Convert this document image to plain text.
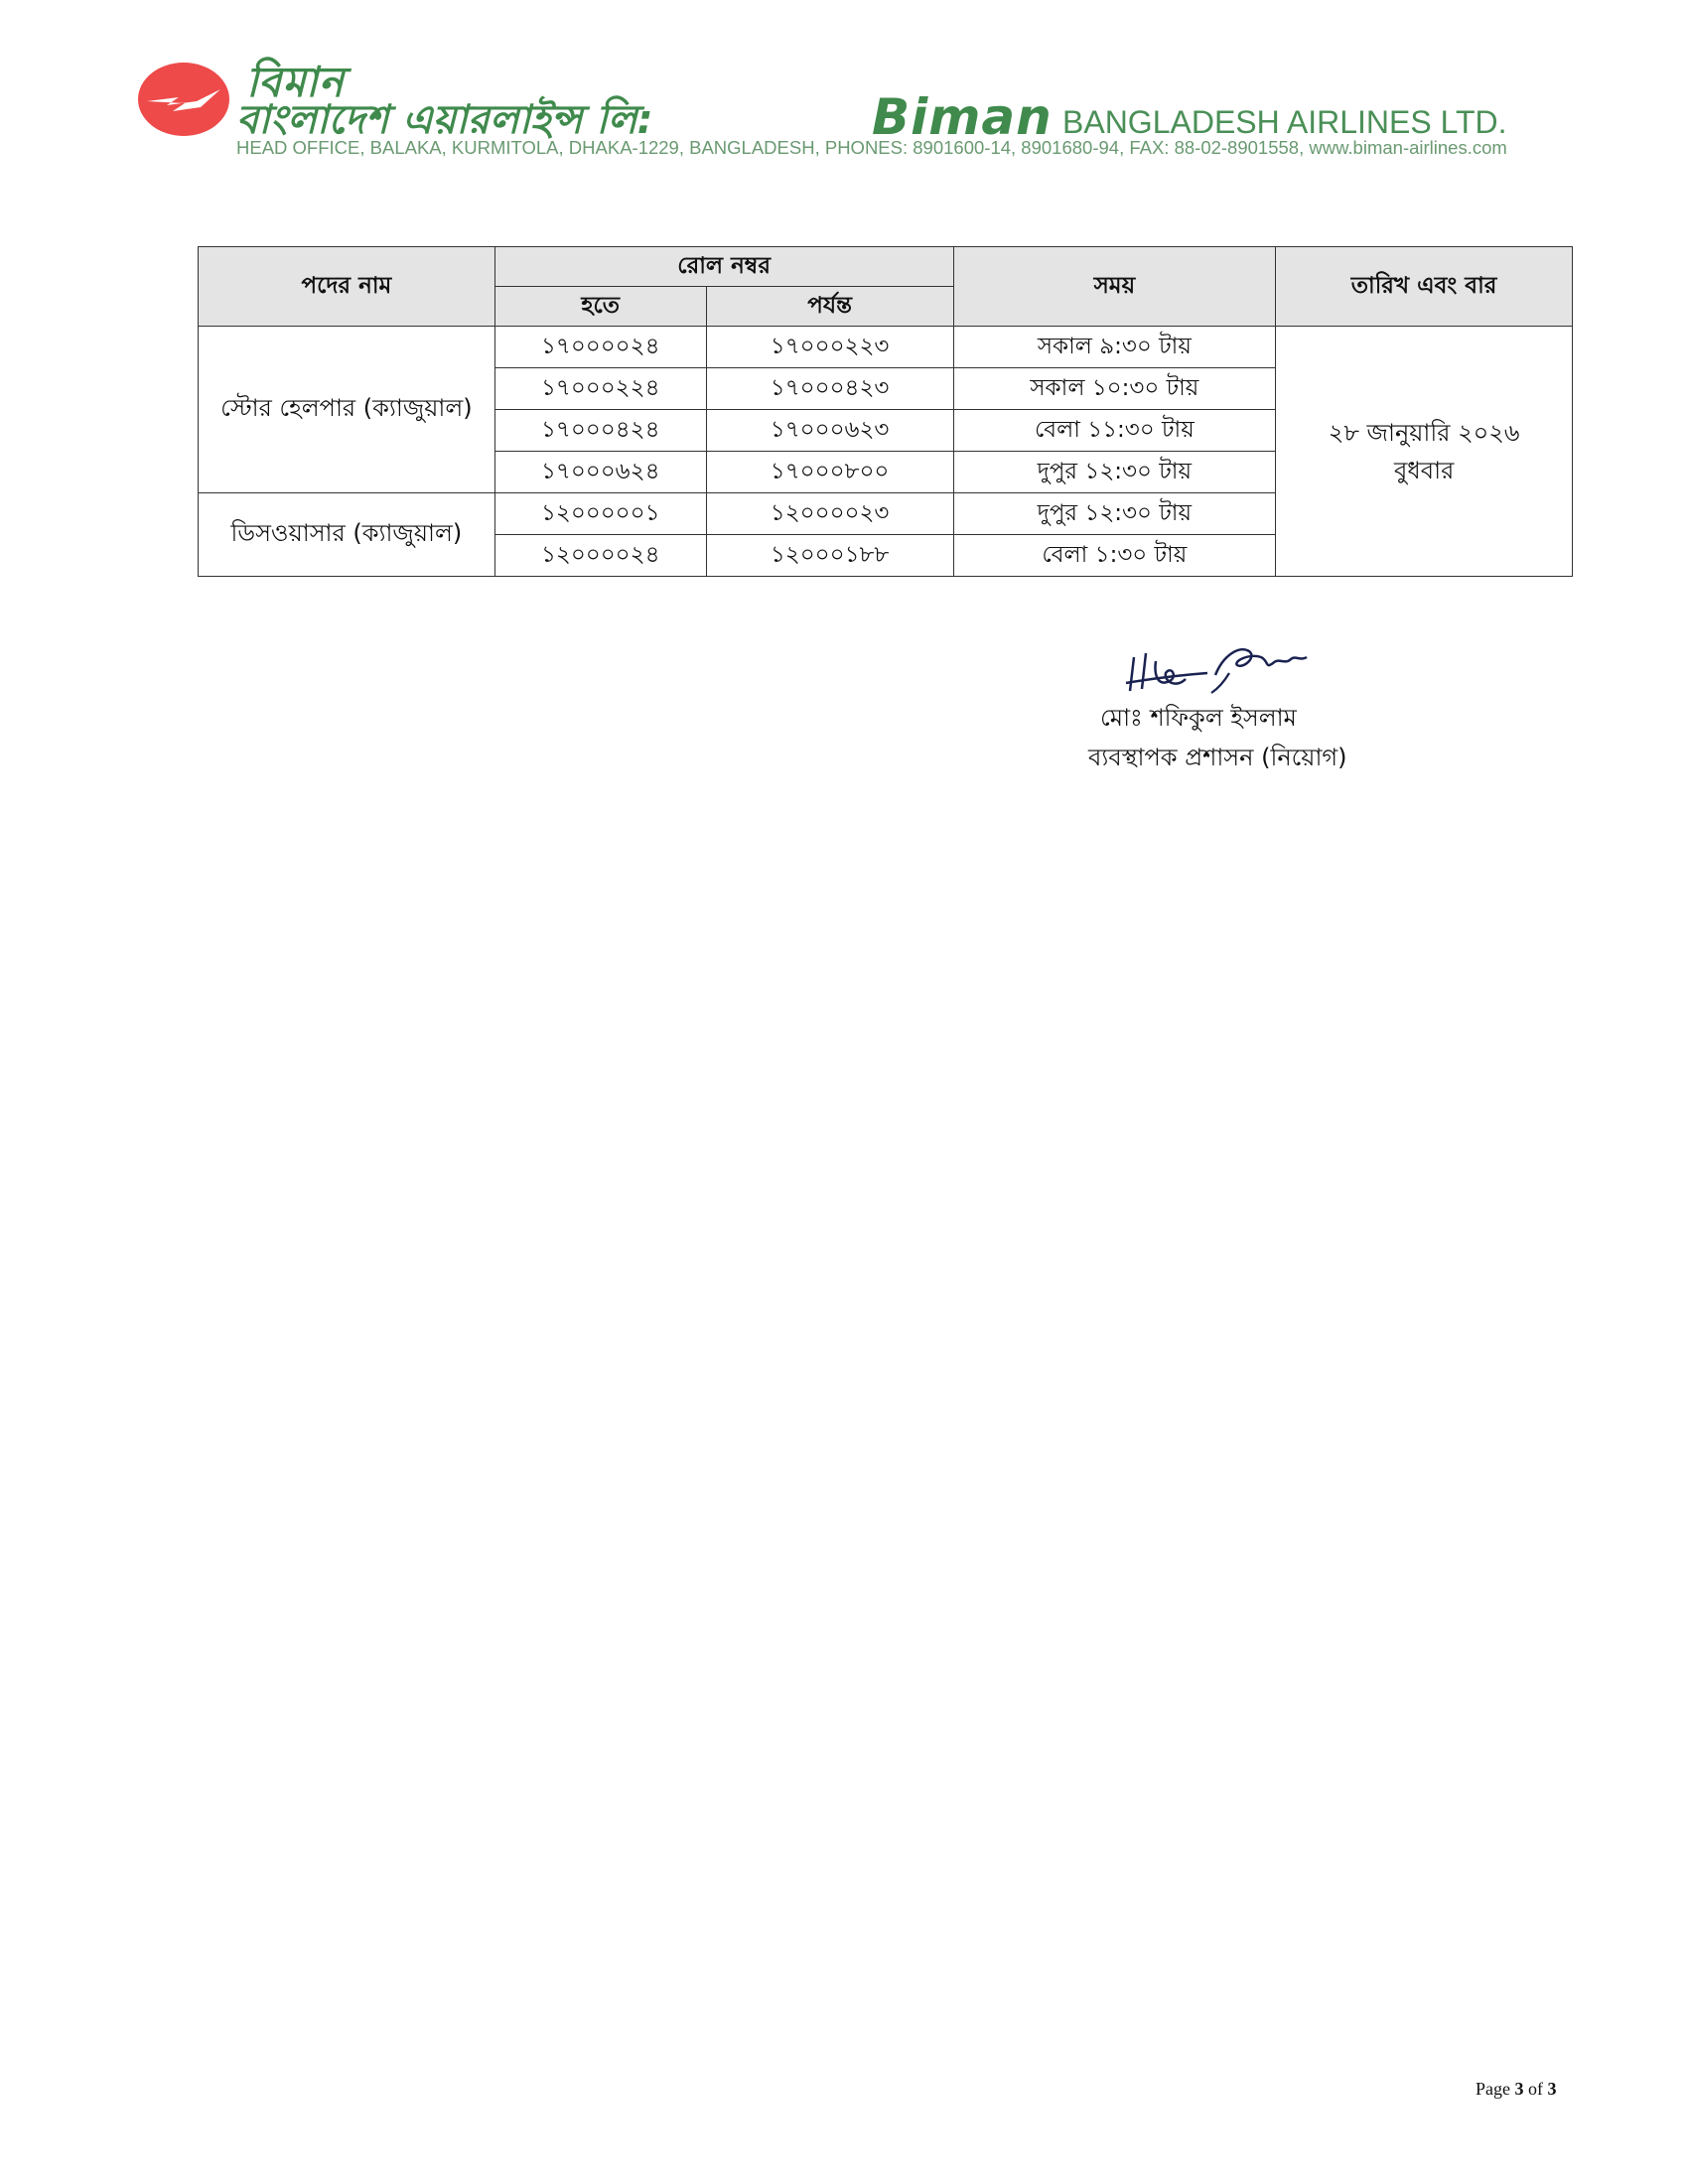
বিমান
বাংলাদেশ এয়ারলাইন্স লি:	Biman BANGLADESH AIRLINES LTD.
HEAD OFFICE, BALAKA, KURMITOLA, DHAKA-1229, BANGLADESH, PHONES: 8901600-14, 8901680-94, FAX: 88-02-8901558, www.biman-airlines.com
পদের নাম	রোল নম্বর		সময়	তারিখ এবং বার
	হতে	পর্যন্ত		
স্টোর হেলপার (ক্যাজুয়াল)	১৭০০০০২৪	১৭০০০২২৩	সকাল ৯:৩০ টায়	২৮ জানুয়ারি ২০২৬
বুধবার

	১৭০০০২২৪	১৭০০০৪২৩	সকাল ১০:৩০ টায়	
	১৭০০০৪২৪	১৭০০০৬২৩	বেলা ১১:৩০ টায়	
	১৭০০০৬২৪	১৭০০০৮০০	দুপুর ১২:৩০ টায়	
ডিসওয়াসার (ক্যাজুয়াল)	১২০০০০০১	১২০০০০২৩	দুপুর ১২:৩০ টায়	
	১২০০০০২৪	১২০০০১৮৮	বেলা ১:৩০ টায়	
মোঃ শফিকুল ইসলাম
ব্যবস্থাপক প্রশাসন (নিয়োগ)
Page 3 of 3
